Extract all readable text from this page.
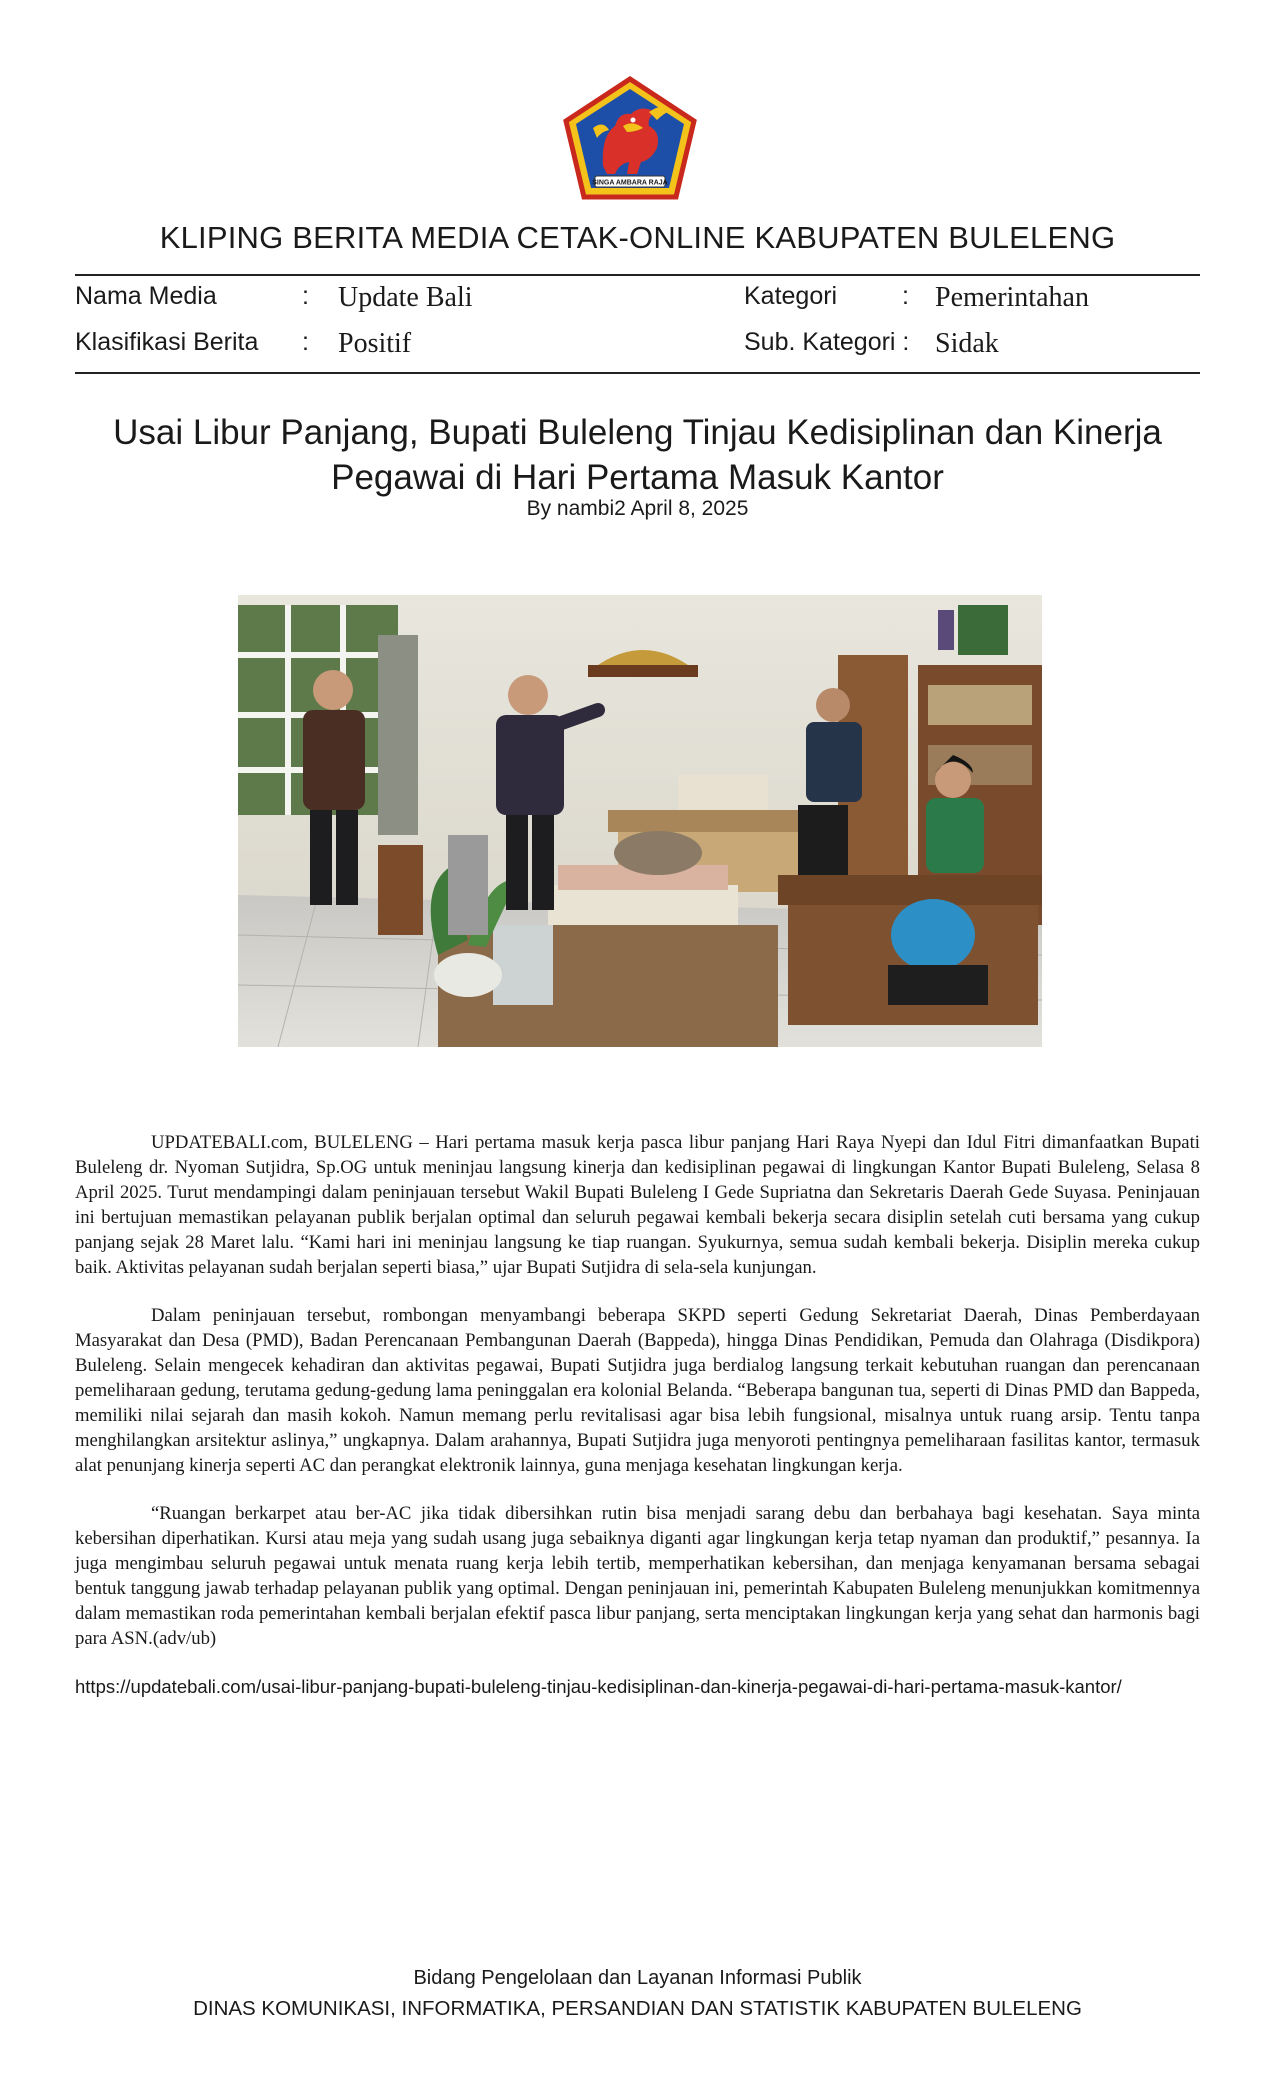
SINGA AMBARA RAJA
KLIPING BERITA MEDIA CETAK-ONLINE KABUPATEN BULELENG
Nama Media	: Update Bali	Kategori	: Pemerintahan
Klasifikasi Berita : Positif	Sub. Kategori : Sidak
Usai Libur Panjang, Bupati Buleleng Tinjau Kedisiplinan dan Kinerja
Pegawai di Hari Pertama Masuk Kantor
By nambi2 April 8, 2025

UPDATEBALI.com, BULELENG – Hari pertama masuk kerja pasca libur panjang Hari Raya Nyepi dan Idul Fitri dimanfaatkan Bupati Buleleng dr. Nyoman Sutjidra, Sp.OG untuk meninjau langsung kinerja dan kedisiplinan pegawai di lingkungan Kantor Bupati Buleleng, Selasa 8 April 2025. Turut mendampingi dalam peninjauan tersebut Wakil Bupati Buleleng I Gede Supriatna dan Sekretaris Daerah Gede Suyasa. Peninjauan ini bertujuan memastikan pelayanan publik berjalan optimal dan seluruh pegawai kembali bekerja secara disiplin setelah cuti bersama yang cukup panjang sejak 28 Maret lalu. “Kami hari ini meninjau langsung ke tiap ruangan. Syukurnya, semua sudah kembali bekerja. Disiplin mereka cukup baik. Aktivitas pelayanan sudah berjalan seperti biasa,” ujar Bupati Sutjidra di sela-sela kunjungan.

Dalam peninjauan tersebut, rombongan menyambangi beberapa SKPD seperti Gedung Sekretariat Daerah, Dinas Pemberdayaan Masyarakat dan Desa (PMD), Badan Perencanaan Pembangunan Daerah (Bappeda), hingga Dinas Pendidikan, Pemuda dan Olahraga (Disdikpora) Buleleng. Selain mengecek kehadiran dan aktivitas pegawai, Bupati Sutjidra juga berdialog langsung terkait kebutuhan ruangan dan perencanaan pemeliharaan gedung, terutama gedung-gedung lama peninggalan era kolonial Belanda. “Beberapa bangunan tua, seperti di Dinas PMD dan Bappeda, memiliki nilai sejarah dan masih kokoh. Namun memang perlu revitalisasi agar bisa lebih fungsional, misalnya untuk ruang arsip. Tentu tanpa menghilangkan arsitektur aslinya,” ungkapnya. Dalam arahannya, Bupati Sutjidra juga menyoroti pentingnya pemeliharaan fasilitas kantor, termasuk alat penunjang kinerja seperti AC dan perangkat elektronik lainnya, guna menjaga kesehatan lingkungan kerja.

“Ruangan berkarpet atau ber-AC jika tidak dibersihkan rutin bisa menjadi sarang debu dan berbahaya bagi kesehatan. Saya minta kebersihan diperhatikan. Kursi atau meja yang sudah usang juga sebaiknya diganti agar lingkungan kerja tetap nyaman dan produktif,” pesannya. Ia juga mengimbau seluruh pegawai untuk menata ruang kerja lebih tertib, memperhatikan kebersihan, dan menjaga kenyamanan bersama sebagai bentuk tanggung jawab terhadap pelayanan publik yang optimal. Dengan peninjauan ini, pemerintah Kabupaten Buleleng menunjukkan komitmennya dalam memastikan roda pemerintahan kembali berjalan efektif pasca libur panjang, serta menciptakan lingkungan kerja yang sehat dan harmonis bagi para ASN.(adv/ub)

https://updatebali.com/usai-libur-panjang-bupati-buleleng-tinjau-kedisiplinan-dan-kinerja-pegawai-di-hari-pertama-masuk-kantor/

Bidang Pengelolaan dan Layanan Informasi Publik
DINAS KOMUNIKASI, INFORMATIKA, PERSANDIAN DAN STATISTIK KABUPATEN BULELENG
